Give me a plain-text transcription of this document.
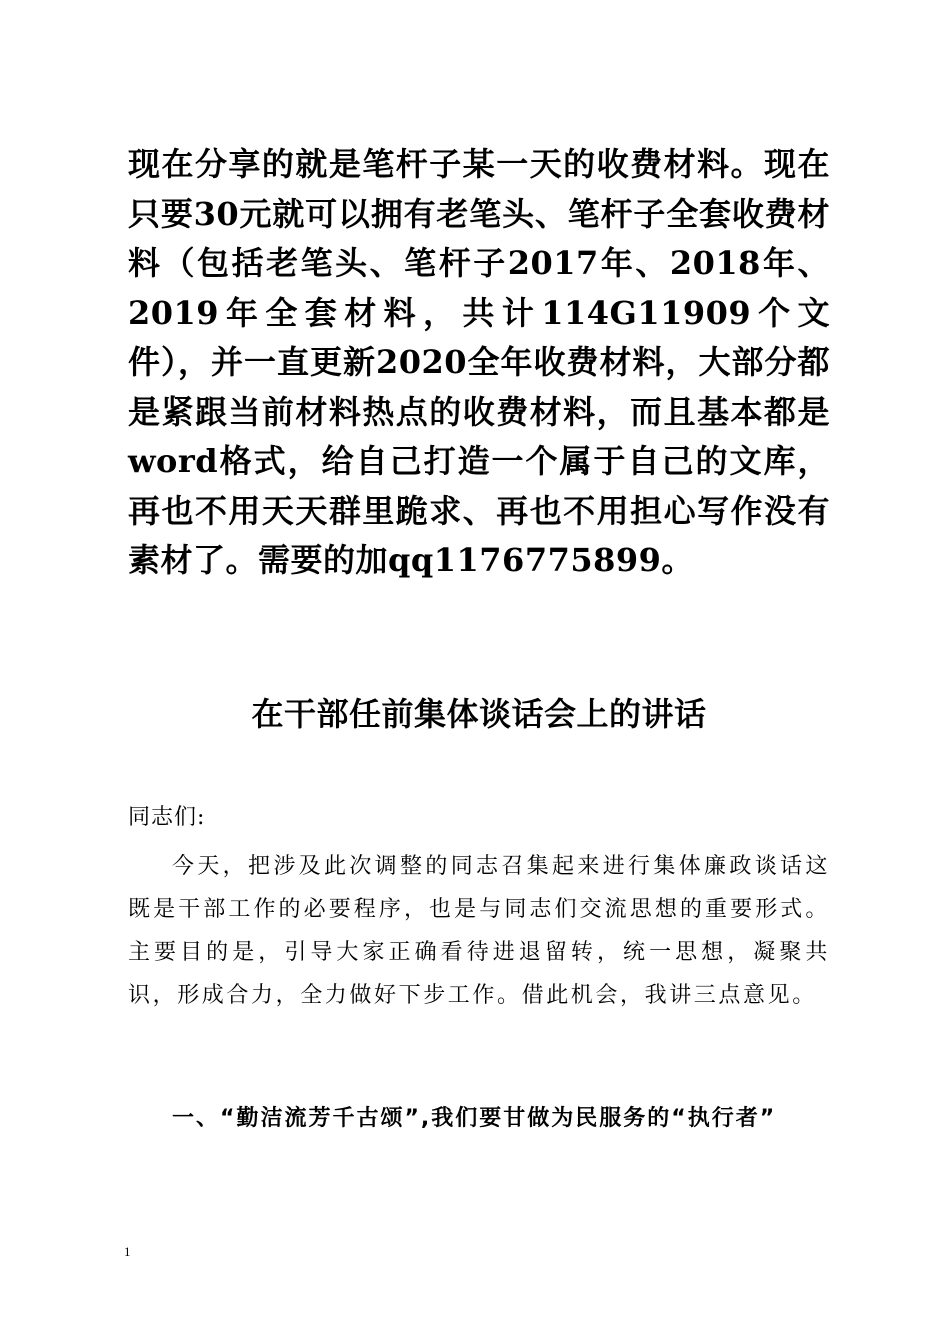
现在分享的就是笔杆子某一天的收费材料。现在只要30元就可以拥有老笔头、笔杆子全套收费材料（包括老笔头、笔杆子2017年、2018年、2019年全套材料，共计114G11909个文件），并一直更新2020全年收费材料，大部分都是紧跟当前材料热点的收费材料，而且基本都是word格式，给自己打造一个属于自己的文库，再也不用天天群里跪求、再也不用担心写作没有素材了。需要的加qq1176775899。
在干部任前集体谈话会上的讲话
同志们:
今天，把涉及此次调整的同志召集起来进行集体廉政谈话这既是干部工作的必要程序，也是与同志们交流思想的重要形式。主要目的是，引导大家正确看待进退留转，统一思想，凝聚共识，形成合力，全力做好下步工作。借此机会，我讲三点意见。
一、“勤洁流芳千古颂”,我们要甘做为民服务的“执行者”
1
